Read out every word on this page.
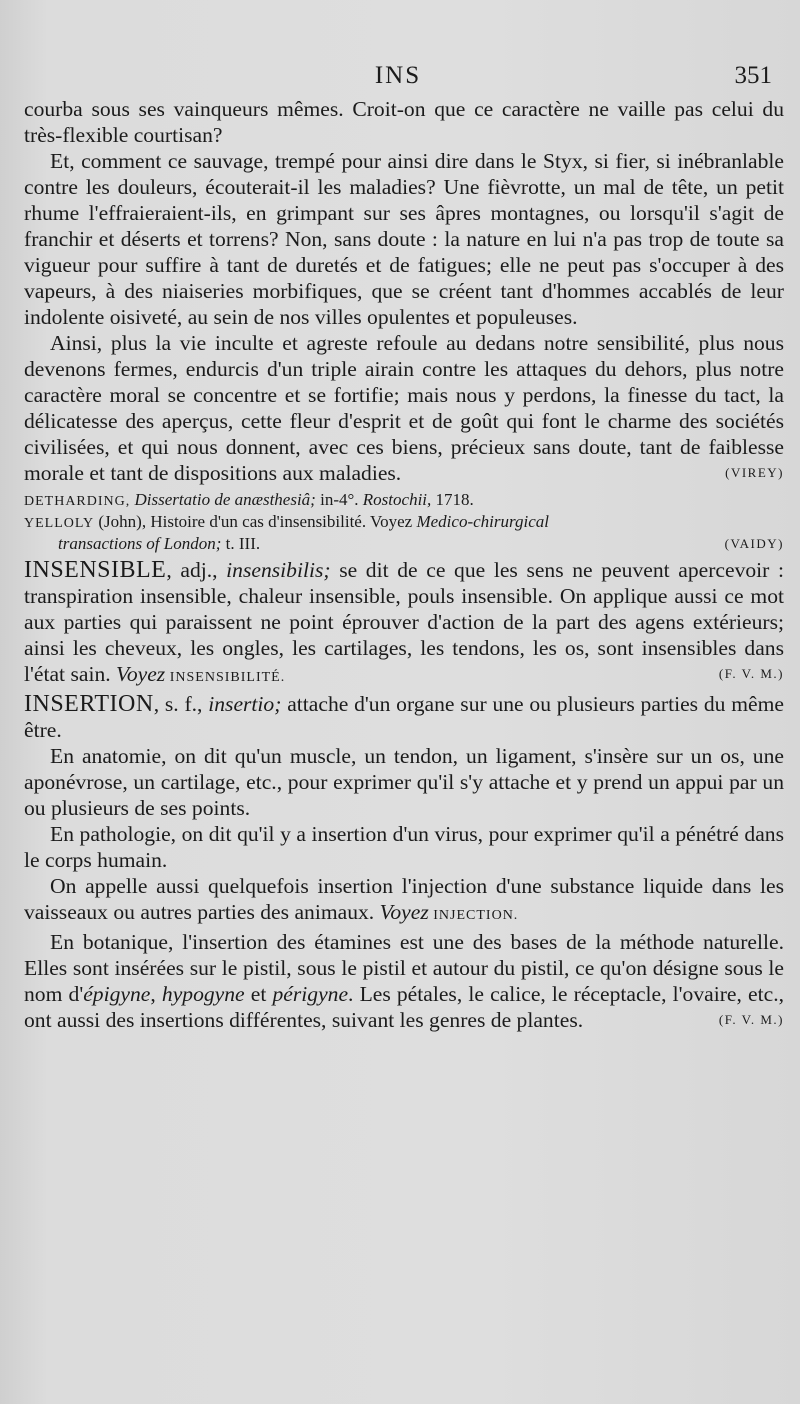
INS	351

courba sous ses vainqueurs mêmes. Croit-on que ce caractère ne vaille pas celui du très-flexible courtisan?

Et, comment ce sauvage, trempé pour ainsi dire dans le Styx, si fier, si inébranlable contre les douleurs, écouterait-il les maladies? Une fièvrotte, un mal de tête, un petit rhume l'effraieraient-ils, en grimpant sur ses âpres montagnes, ou lorsqu'il s'agit de franchir et déserts et torrens? Non, sans doute : la nature en lui n'a pas trop de toute sa vigueur pour suffire à tant de duretés et de fatigues; elle ne peut pas s'occuper à des vapeurs, à des niaiseries morbifiques, que se créent tant d'hommes accablés de leur indolente oisiveté, au sein de nos villes opulentes et populeuses.

Ainsi, plus la vie inculte et agreste refoule au dedans notre sensibilité, plus nous devenons fermes, endurcis d'un triple airain contre les attaques du dehors, plus notre caractère moral se concentre et se fortifie; mais nous y perdons, la finesse du tact, la délicatesse des aperçus, cette fleur d'esprit et de goût qui font le charme des sociétés civilisées, et qui nous donnent, avec ces biens, précieux sans doute, tant de faiblesse morale et tant de dispositions aux maladies.	(VIREY)

DETHARDING, Dissertatio de anæsthesiâ; in-4°. Rostochii, 1718.

YELLOLY (John), Histoire d'un cas d'insensibilité. Voyez Medico-chirurgical

transactions of London; t. III.	(VAIDY)

INSENSIBLE, adj., insensibilis; se dit de ce que les sens ne peuvent apercevoir : transpiration insensible, chaleur insensible, pouls insensible. On applique aussi ce mot aux parties qui paraissent ne point éprouver d'action de la part des agens extérieurs; ainsi les cheveux, les ongles, les cartilages, les tendons, les os, sont insensibles dans l'état sain. Voyez INSENSIBILITÉ.	(F. V. M.)

INSERTION, s. f., insertio; attache d'un organe sur une ou plusieurs parties du même être.

En anatomie, on dit qu'un muscle, un tendon, un ligament, s'insère sur un os, une aponévrose, un cartilage, etc., pour exprimer qu'il s'y attache et y prend un appui par un ou plusieurs de ses points.

En pathologie, on dit qu'il y a insertion d'un virus, pour exprimer qu'il a pénétré dans le corps humain.

On appelle aussi quelquefois insertion l'injection d'une substance liquide dans les vaisseaux ou autres parties des animaux. Voyez INJECTION.

En botanique, l'insertion des étamines est une des bases de la méthode naturelle. Elles sont insérées sur le pistil, sous le pistil et autour du pistil, ce qu'on désigne sous le nom d'épigyne, hypogyne et périgyne. Les pétales, le calice, le réceptacle, l'ovaire, etc., ont aussi des insertions différentes, suivant les genres de plantes.	(F. V. M.)
